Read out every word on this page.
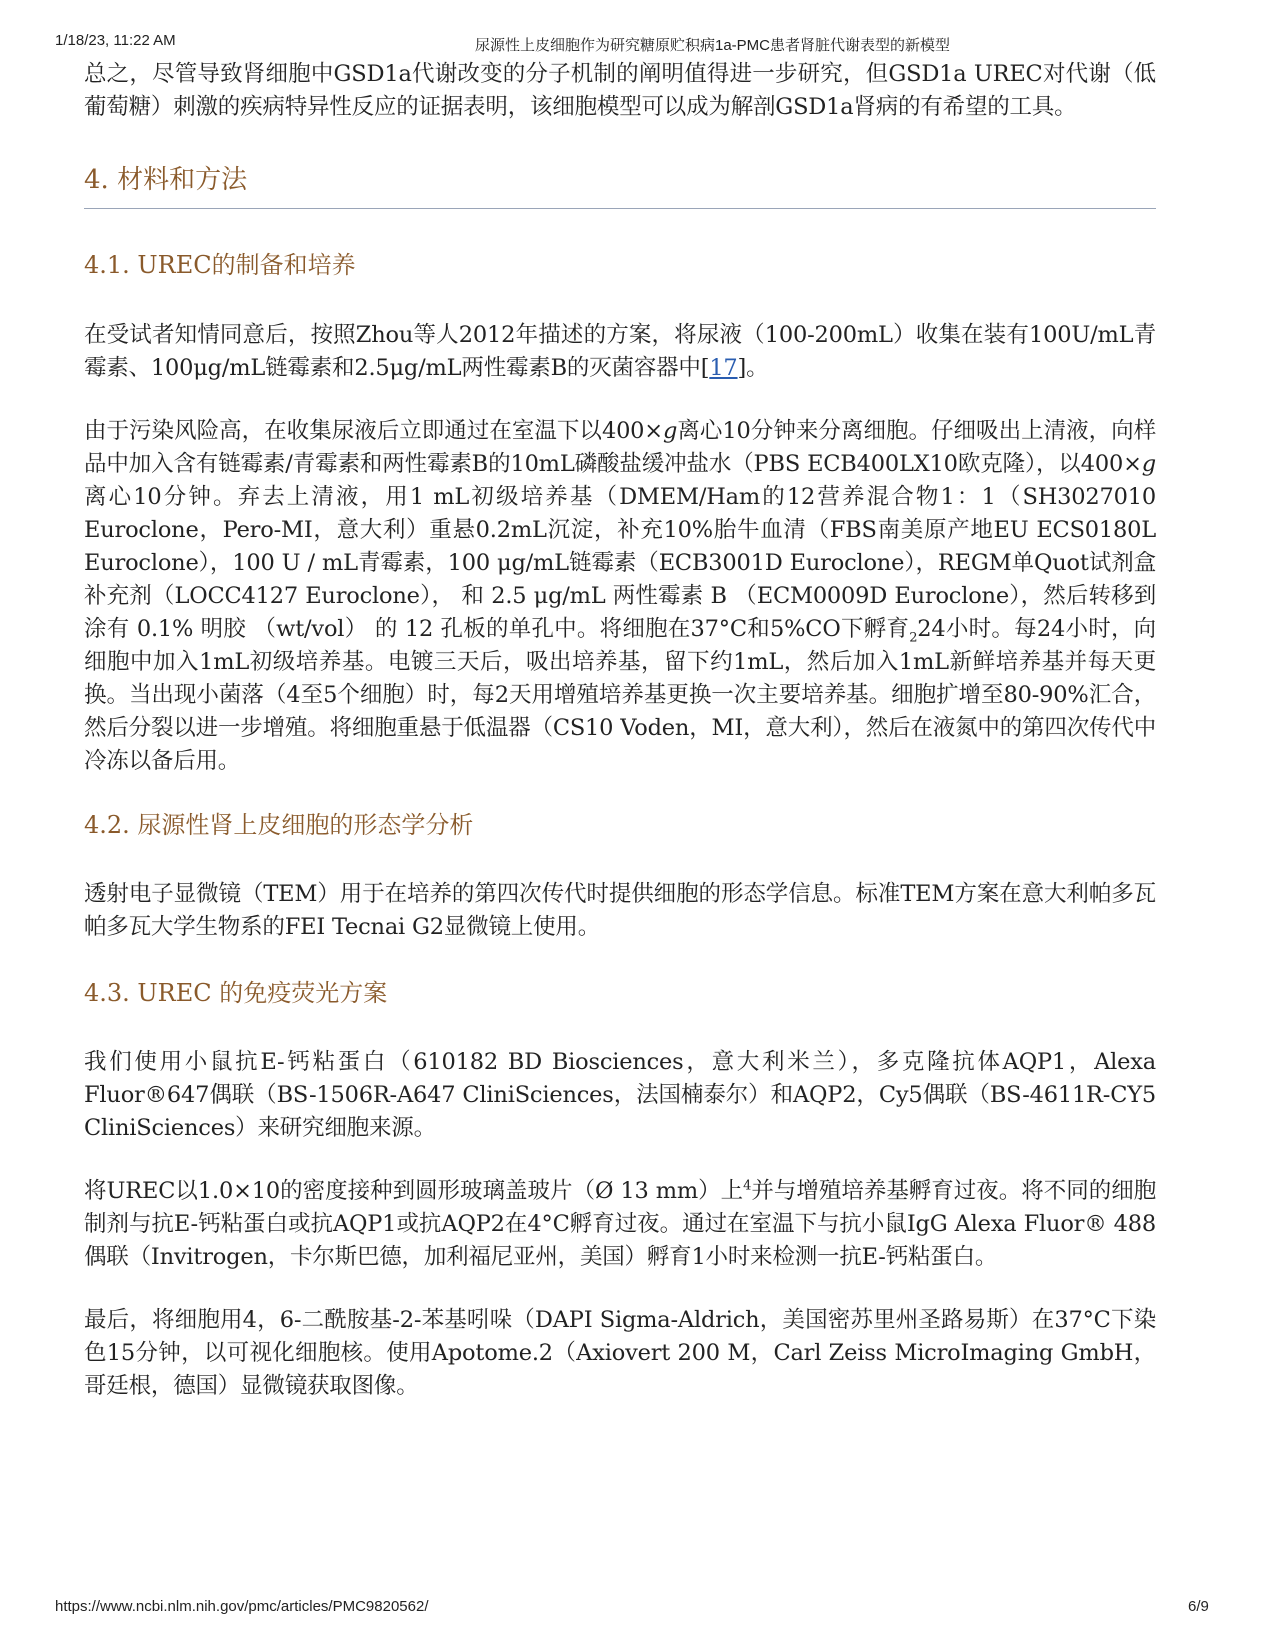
1/18/23, 11:22 AM	尿源性上皮细胞作为研究糖原贮积病1a-PMC患者肾脏代谢表型的新模型

总之，尽管导致肾细胞中GSD1a代谢改变的分子机制的阐明值得进一步研究，但GSD1a UREC对代谢（低葡萄糖）刺激的疾病特异性反应的证据表明，该细胞模型可以成为解剖GSD1a肾病的有希望的工具。

4. 材料和方法
4.1. UREC的制备和培养

在受试者知情同意后，按照Zhou等人2012年描述的方案，将尿液（100-200mL）收集在装有100U/mL青霉素、100μg/mL链霉素和2.5μg/mL两性霉素B的灭菌容器中[17]。

由于污染风险高，在收集尿液后立即通过在室温下以400×g离心10分钟来分离细胞。仔细吸出上清液，向样品中加入含有链霉素/青霉素和两性霉素B的10mL磷酸盐缓冲盐水（PBS ECB400LX10欧克隆），以400×g离心10分钟。弃去上清液，用1 mL初级培养基（DMEM/Ham的12营养混合物1：1（SH3027010 Euroclone，Pero-MI，意大利）重悬0.2mL沉淀，补充10%胎牛血清（FBS南美原产地EU ECS0180L Euroclone），100 U / mL青霉素，100 μg/mL链霉素（ECB3001D Euroclone），REGM单Quot试剂盒补充剂（LOCC4127 Euroclone）， 和 2.5 μg/mL 两性霉素 B （ECM0009D Euroclone），然后转移到涂有 0.1% 明胶 （wt/vol） 的 12 孔板的单孔中。将细胞在37°C和5%CO下孵育$_2$24小时。每24小时，向细胞中加入1mL初级培养基。电镀三天后，吸出培养基，留下约1mL，然后加入1mL新鲜培养基并每天更换。当出现小菌落（4至5个细胞）时，每2天用增殖培养基更换一次主要培养基。细胞扩增至80-90%汇合，然后分裂以进一步增殖。将细胞重悬于低温器（CS10 Voden，MI，意大利），然后在液氮中的第四次传代中冷冻以备后用。

4.2. 尿源性肾上皮细胞的形态学分析

透射电子显微镜（TEM）用于在培养的第四次传代时提供细胞的形态学信息。标准TEM方案在意大利帕多瓦帕多瓦大学生物系的FEI Tecnai G2显微镜上使用。

4.3. UREC 的免疫荧光方案

我们使用小鼠抗E-钙粘蛋白（610182 BD Biosciences，意大利米兰），多克隆抗体AQP1，Alexa Fluor®647偶联（BS-1506R-A647 CliniSciences，法国楠泰尔）和AQP2，Cy5偶联（BS-4611R-CY5 CliniSciences）来研究细胞来源。

将UREC以1.0×10的密度接种到圆形玻璃盖玻片（Ø 13 mm）上$^4$并与增殖培养基孵育过夜。将不同的细胞制剂与抗E-钙粘蛋白或抗AQP1或抗AQP2在4°C孵育过夜。通过在室温下与抗小鼠IgG Alexa Fluor® 488偶联（Invitrogen，卡尔斯巴德，加利福尼亚州，美国）孵育1小时来检测一抗E-钙粘蛋白。

最后，将细胞用4，6-二酰胺基-2-苯基吲哚（DAPI Sigma-Aldrich，美国密苏里州圣路易斯）在37°C下染色15分钟，以可视化细胞核。使用Apotome.2（Axiovert 200 M，Carl Zeiss MicroImaging GmbH，哥廷根，德国）显微镜获取图像。

https://www.ncbi.nlm.nih.gov/pmc/articles/PMC9820562/	6/9
